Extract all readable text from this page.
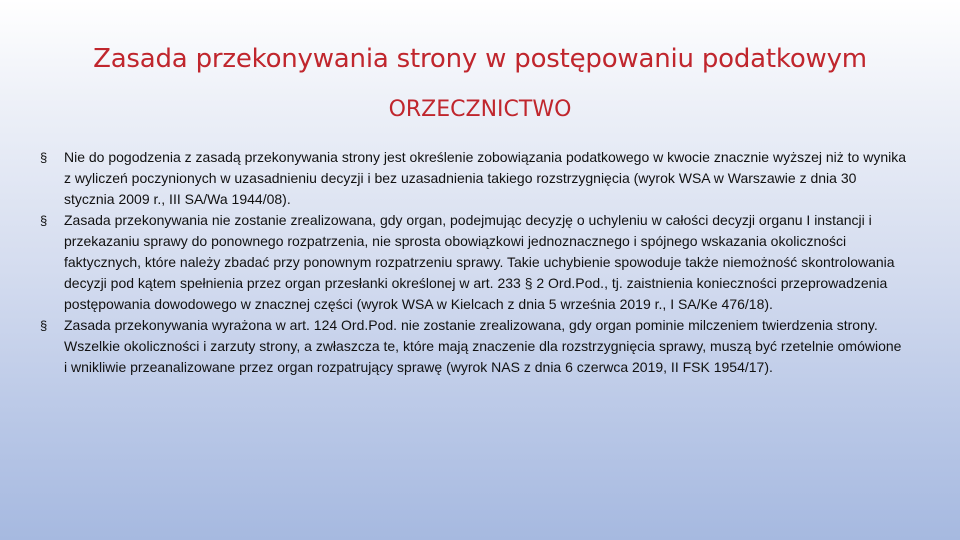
Zasada przekonywania strony w postępowaniu podatkowym
ORZECZNICTWO
§	Nie do pogodzenia z zasadą przekonywania strony jest określenie zobowiązania podatkowego w kwocie znacznie wyższej niż to wynika z wyliczeń poczynionych w uzasadnieniu decyzji i bez uzasadnienia takiego rozstrzygnięcia (wyrok WSA w Warszawie z dnia 30 stycznia 2009 r., III SA/Wa 1944/08).
§	Zasada przekonywania nie zostanie zrealizowana, gdy organ, podejmując decyzję o uchyleniu w całości decyzji organu I instancji i przekazaniu sprawy do ponownego rozpatrzenia, nie sprosta obowiązkowi jednoznacznego i spójnego wskazania okoliczności faktycznych, które należy zbadać przy ponownym rozpatrzeniu sprawy. Takie uchybienie spowoduje także niemożność skontrolowania decyzji pod kątem spełnienia przez organ przesłanki określonej w art. 233 § 2 Ord.Pod., tj. zaistnienia konieczności przeprowadzenia postępowania dowodowego w znacznej części (wyrok WSA w Kielcach z dnia 5 września 2019 r., I SA/Ke 476/18).
§	Zasada przekonywania wyrażona w art. 124 Ord.Pod. nie zostanie zrealizowana, gdy organ pominie milczeniem twierdzenia strony. Wszelkie okoliczności i zarzuty strony, a zwłaszcza te, które mają znaczenie dla rozstrzygnięcia sprawy, muszą być rzetelnie omówione i wnikliwie przeanalizowane przez organ rozpatrujący sprawę (wyrok NAS z dnia 6 czerwca 2019, II FSK 1954/17).
